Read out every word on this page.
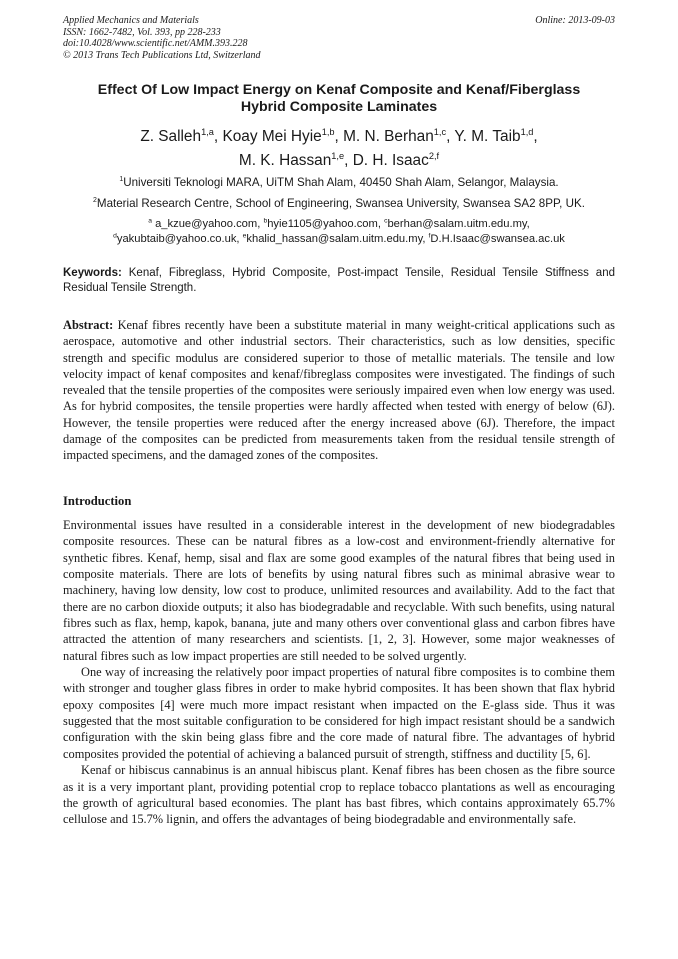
Applied Mechanics and Materials
ISSN: 1662-7482, Vol. 393, pp 228-233
doi:10.4028/www.scientific.net/AMM.393.228
© 2013 Trans Tech Publications Ltd, Switzerland
Online: 2013-09-03
Effect Of Low Impact Energy on Kenaf Composite and Kenaf/Fiberglass
Hybrid Composite Laminates
Z. Salleh$^{1,a}$, Koay Mei Hyie$^{1,b}$, M. N. Berhan$^{1,c}$, Y. M. Taib$^{1,d}$,
M. K. Hassan$^{1,e}$, D. H. Isaac$^{2,f}$
$^1$Universiti Teknologi MARA, UiTM Shah Alam, 40450 Shah Alam, Selangor, Malaysia.
$^2$Material Research Centre, School of Engineering, Swansea University, Swansea SA2 8PP, UK.
$^a$ a_kzue@yahoo.com, $^b$hyie1105@yahoo.com, $^c$berhan@salam.uitm.edu.my,
$^d$yakubtaib@yahoo.co.uk, $^e$khalid_hassan@salam.uitm.edu.my, $^f$D.H.Isaac@swansea.ac.uk
Keywords: Kenaf, Fibreglass, Hybrid Composite, Post-impact Tensile, Residual Tensile Stiffness and Residual Tensile Strength.
Abstract: Kenaf fibres recently have been a substitute material in many weight-critical applications such as aerospace, automotive and other industrial sectors. Their characteristics, such as low densities, specific strength and specific modulus are considered superior to those of metallic materials. The tensile and low velocity impact of kenaf composites and kenaf/fibreglass composites were investigated. The findings of such revealed that the tensile properties of the composites were seriously impaired even when low energy was used. As for hybrid composites, the tensile properties were hardly affected when tested with energy of below (6J). However, the tensile properties were reduced after the energy increased above (6J). Therefore, the impact damage of the composites can be predicted from measurements taken from the residual tensile strength of impacted specimens, and the damaged zones of the composites.
Introduction

Environmental issues have resulted in a considerable interest in the development of new biodegradables composite resources. These can be natural fibres as a low-cost and environment-friendly alternative for synthetic fibres. Kenaf, hemp, sisal and flax are some good examples of the natural fibres that being used in composite materials. There are lots of benefits by using natural fibres such as minimal abrasive wear to machinery, having low density, low cost to produce, unlimited resources and availability. Add to the fact that there are no carbon dioxide outputs; it also has biodegradable and recyclable. With such benefits, using natural fibres such as flax, hemp, kapok, banana, jute and many others over conventional glass and carbon fibres have attracted the attention of many researchers and scientists. [1, 2, 3]. However, some major weaknesses of natural fibres such as low impact properties are still needed to be solved urgently.

One way of increasing the relatively poor impact properties of natural fibre composites is to combine them with stronger and tougher glass fibres in order to make hybrid composites. It has been shown that flax hybrid epoxy composites [4] were much more impact resistant when impacted on the E-glass side. Thus it was suggested that the most suitable configuration to be considered for high impact resistant should be a sandwich configuration with the skin being glass fibre and the core made of natural fibre. The advantages of hybrid composites provided the potential of achieving a balanced pursuit of strength, stiffness and ductility [5, 6].

Kenaf or hibiscus cannabinus is an annual hibiscus plant. Kenaf fibres has been chosen as the fibre source as it is a very important plant, providing potential crop to replace tobacco plantations as well as encouraging the growth of agricultural based economies. The plant has bast fibres, which contains approximately 65.7% cellulose and 15.7% lignin, and offers the advantages of being biodegradable and environmentally safe.
